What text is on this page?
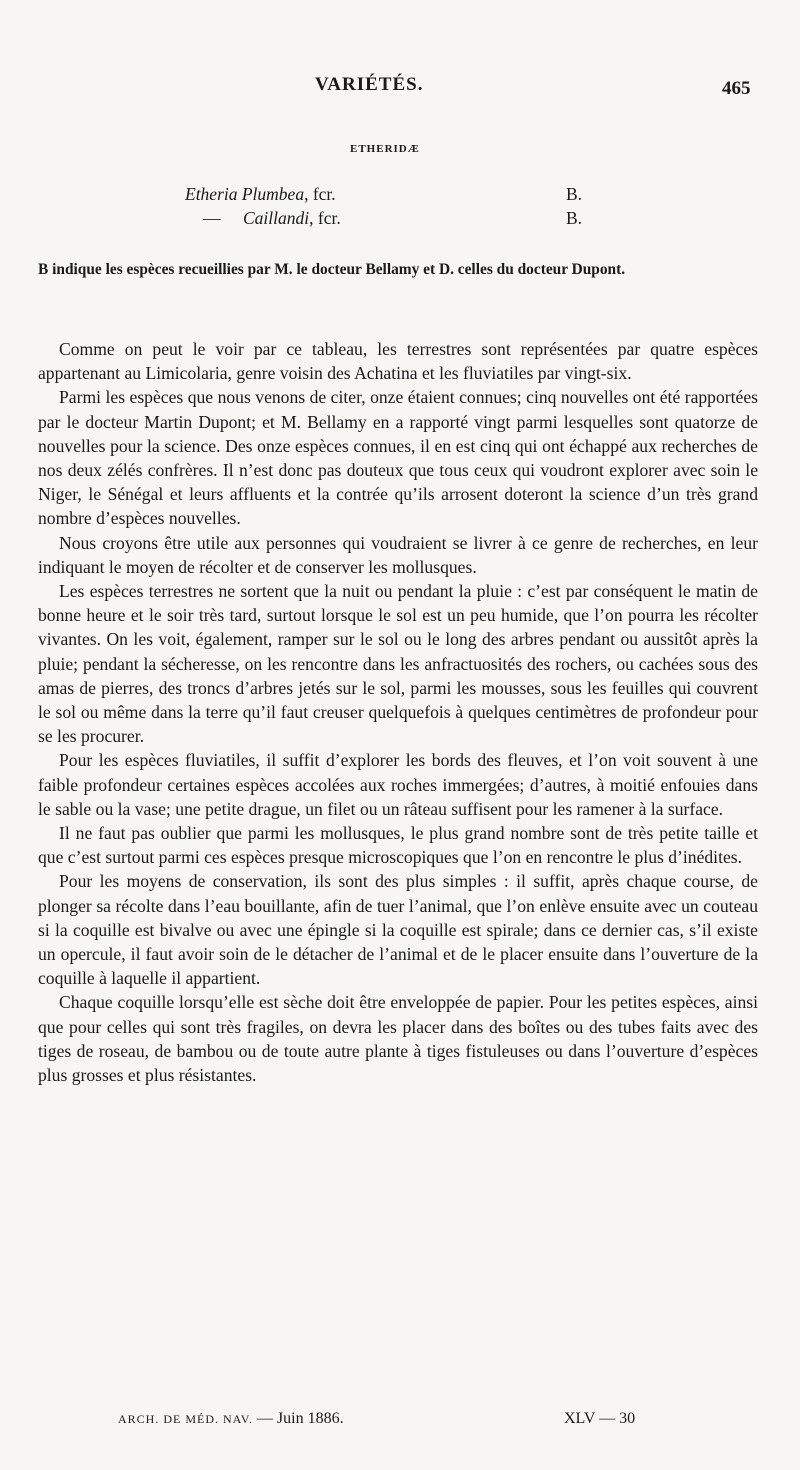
VARIÉTÉS.	465
ETHERIDÆ
Etheria Plumbea, fcr.	B.
— Caillandi, fcr.	B.
B indique les espèces recueillies par M. le docteur Bellamy et D. celles du docteur Dupont.

Comme on peut le voir par ce tableau, les terrestres sont représentées par quatre espèces appartenant au Limicolaria, genre voisin des Achatina et les fluviatiles par vingt-six.

Parmi les espèces que nous venons de citer, onze étaient connues; cinq nouvelles ont été rapportées par le docteur Martin Dupont; et M. Bellamy en a rapporté vingt parmi lesquelles sont quatorze de nouvelles pour la science. Des onze espèces connues, il en est cinq qui ont échappé aux recherches de nos deux zélés confrères. Il n’est donc pas douteux que tous ceux qui voudront explorer avec soin le Niger, le Sénégal et leurs affluents et la contrée qu’ils arrosent doteront la science d’un très grand nombre d’espèces nouvelles.

Nous croyons être utile aux personnes qui voudraient se livrer à ce genre de recherches, en leur indiquant le moyen de récolter et de conserver les mollusques.

Les espèces terrestres ne sortent que la nuit ou pendant la pluie : c’est par conséquent le matin de bonne heure et le soir très tard, surtout lorsque le sol est un peu humide, que l’on pourra les récolter vivantes. On les voit, également, ramper sur le sol ou le long des arbres pendant ou aussitôt après la pluie; pendant la sécheresse, on les rencontre dans les anfractuosités des rochers, ou cachées sous des amas de pierres, des troncs d’arbres jetés sur le sol, parmi les mousses, sous les feuilles qui couvrent le sol ou même dans la terre qu’il faut creuser quelquefois à quelques centimètres de profondeur pour se les procurer.

Pour les espèces fluviatiles, il suffit d’explorer les bords des fleuves, et l’on voit souvent à une faible profondeur certaines espèces accolées aux roches immergées; d’autres, à moitié enfouies dans le sable ou la vase; une petite drague, un filet ou un râteau suffisent pour les ramener à la surface.

Il ne faut pas oublier que parmi les mollusques, le plus grand nombre sont de très petite taille et que c’est surtout parmi ces espèces presque microscopiques que l’on en rencontre le plus d’inédites.

Pour les moyens de conservation, ils sont des plus simples : il suffit, après chaque course, de plonger sa récolte dans l’eau bouillante, afin de tuer l’animal, que l’on enlève ensuite avec un couteau si la coquille est bivalve ou avec une épingle si la coquille est spirale; dans ce dernier cas, s’il existe un opercule, il faut avoir soin de le détacher de l’animal et de le placer ensuite dans l’ouverture de la coquille à laquelle il appartient.

Chaque coquille lorsqu’elle est sèche doit être enveloppée de papier. Pour les petites espèces, ainsi que pour celles qui sont très fragiles, on devra les placer dans des boîtes ou des tubes faits avec des tiges de roseau, de bambou ou de toute autre plante à tiges fistuleuses ou dans l’ouverture d’espèces plus grosses et plus résistantes.

ARCH. DE MÉD. NAV. — Juin 1886.	XLV — 30
